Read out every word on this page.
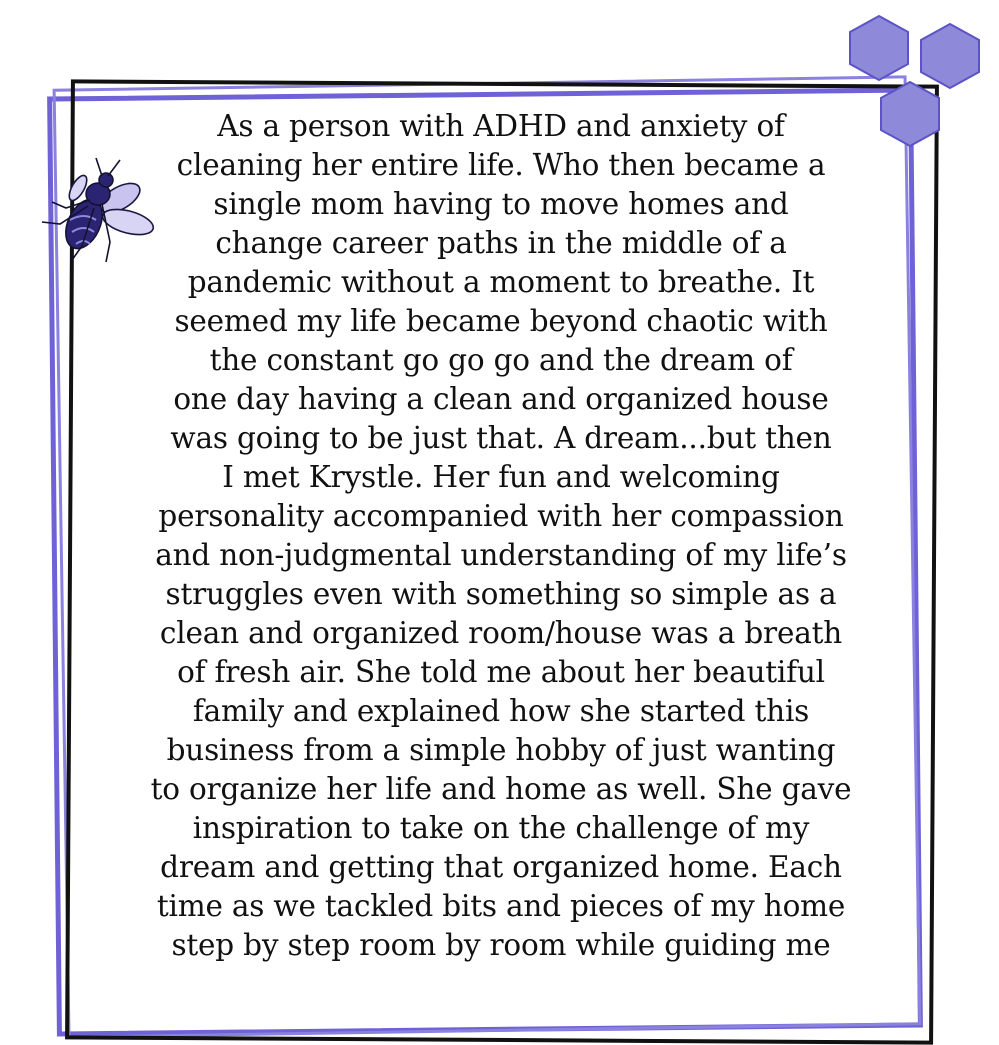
As a person with ADHD and anxiety of
cleaning her entire life. Who then became a
single mom having to move homes and
change career paths in the middle of a
pandemic without a moment to breathe. It
seemed my life became beyond chaotic with
the constant go go go and the dream of
one day having a clean and organized house
was going to be just that. A dream...but then
I met Krystle. Her fun and welcoming
personality accompanied with her compassion
and non-judgmental understanding of my life’s
struggles even with something so simple as a
clean and organized room/house was a breath
of fresh air. She told me about her beautiful
family and explained how she started this
business from a simple hobby of just wanting
to organize her life and home as well. She gave
inspiration to take on the challenge of my
dream and getting that organized home. Each
time as we tackled bits and pieces of my home
step by step room by room while guiding me
